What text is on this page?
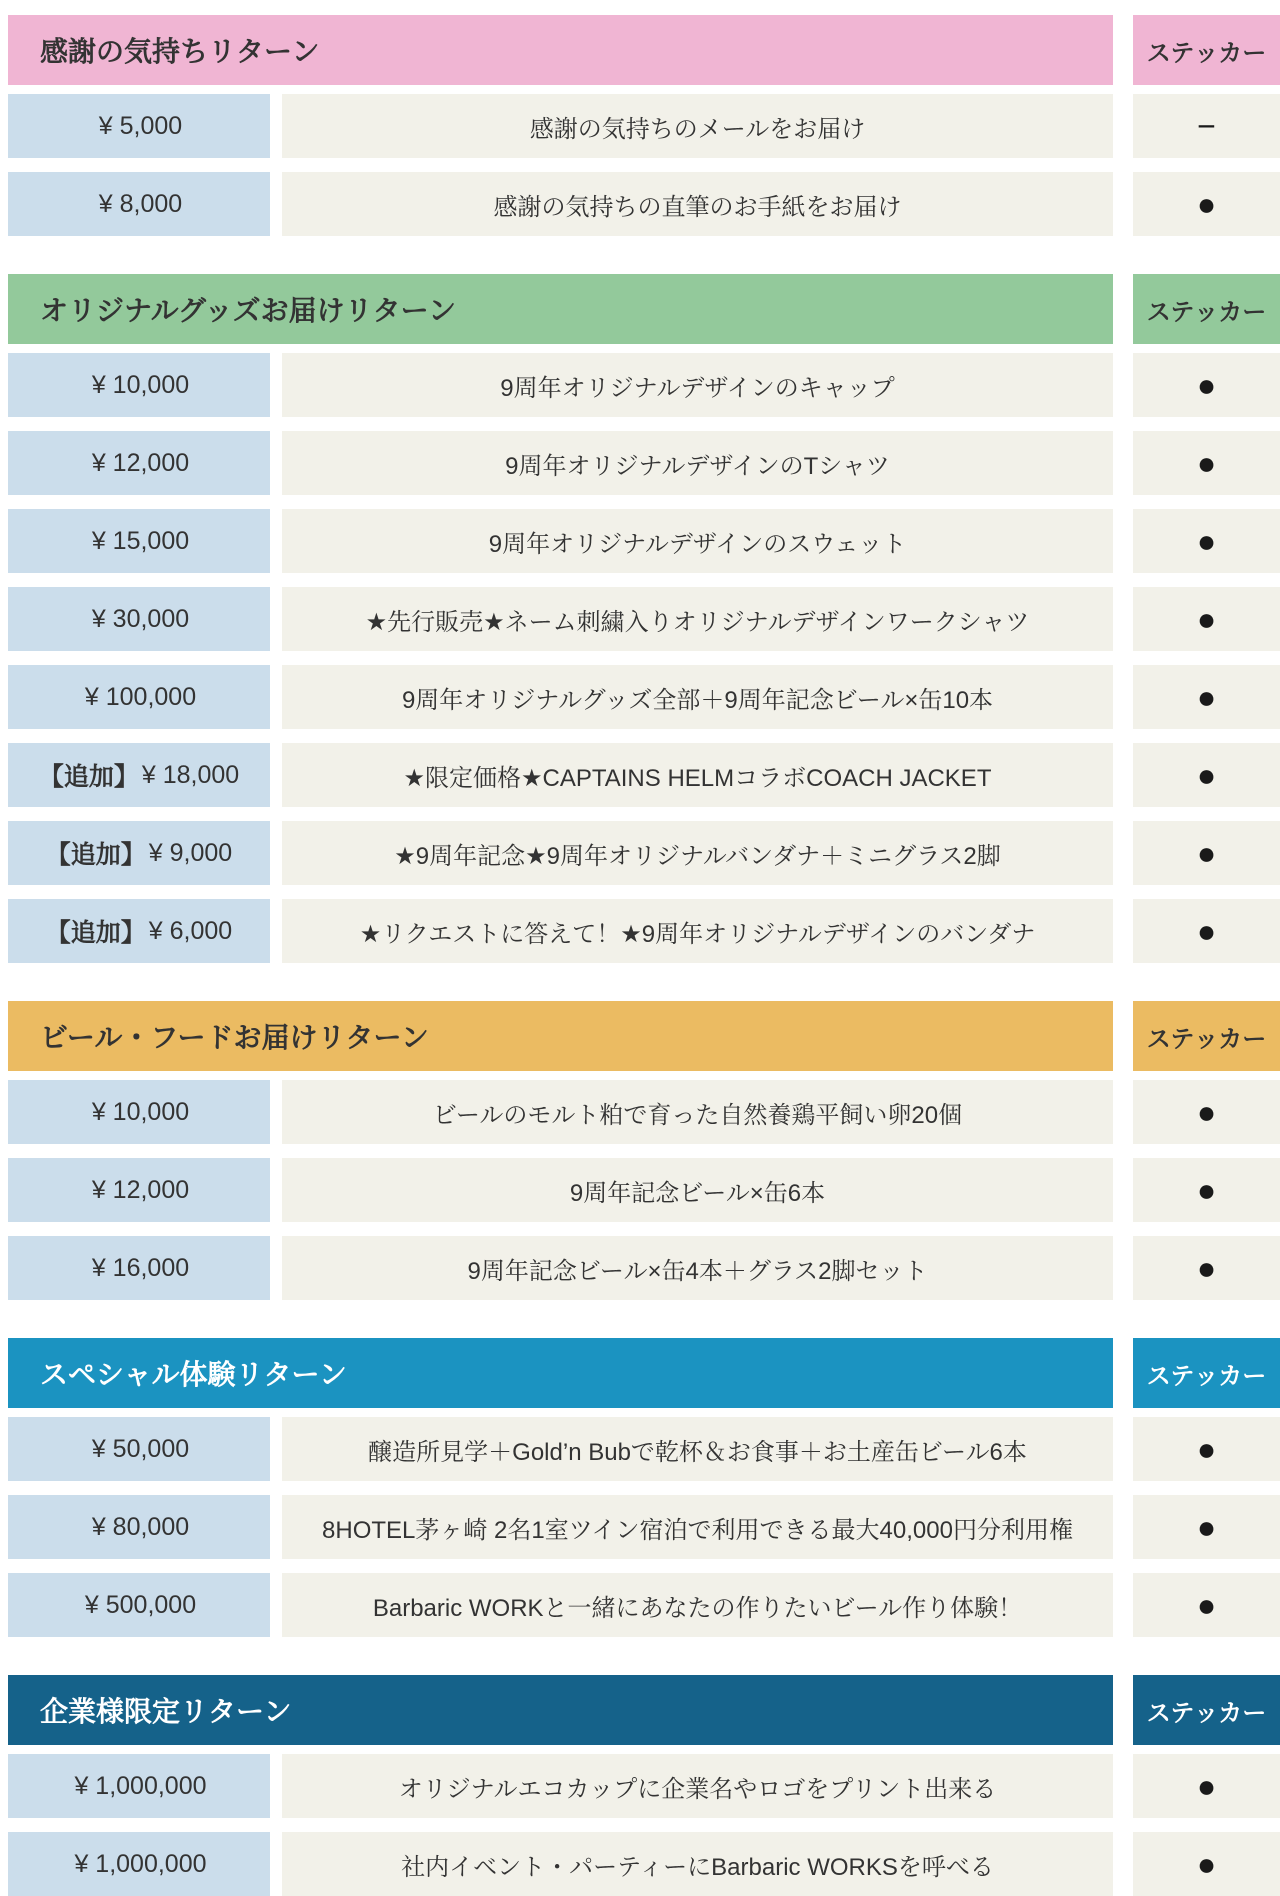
感謝の気持ちリターン	ステッカー
¥ 5,000	感謝の気持ちのメールをお届け	−
¥ 8,000	感謝の気持ちの直筆のお手紙をお届け	●
オリジナルグッズお届けリターン	ステッカー
¥ 10,000	9周年オリジナルデザインのキャップ	●
¥ 12,000	9周年オリジナルデザインのTシャツ	●
¥ 15,000	9周年オリジナルデザインのスウェット	●
¥ 30,000	★先行販売★ネーム刺繍入りオリジナルデザインワークシャツ	●
¥ 100,000	9周年オリジナルグッズ全部＋9周年記念ビール×缶10本	●
【追加】 ¥ 18,000	★限定価格★CAPTAINS HELMコラボCOACH JACKET	●
【追加】 ¥ 9,000	★9周年記念★9周年オリジナルバンダナ＋ミニグラス2脚	●
【追加】 ¥ 6,000	★リクエストに答えて！★9周年オリジナルデザインのバンダナ	●
ビール・フードお届けリターン	ステッカー
¥ 10,000	ビールのモルト粕で育った自然養鶏平飼い卵20個	●
¥ 12,000	9周年記念ビール×缶6本	●
¥ 16,000	9周年記念ビール×缶4本＋グラス2脚セット	●
スペシャル体験リターン	ステッカー
¥ 50,000	醸造所見学＋Gold’n Bubで乾杯＆お食事＋お土産缶ビール6本	●
¥ 80,000	8HOTEL茅ヶ崎 2名1室ツイン宿泊で利用できる最大40,000円分利用権	●
¥ 500,000	Barbaric WORKと一緒にあなたの作りたいビール作り体験！	●
企業様限定リターン	ステッカー
¥ 1,000,000	オリジナルエコカップに企業名やロゴをプリント出来る	●
¥ 1,000,000	社内イベント・パーティーにBarbaric WORKSを呼べる	●
